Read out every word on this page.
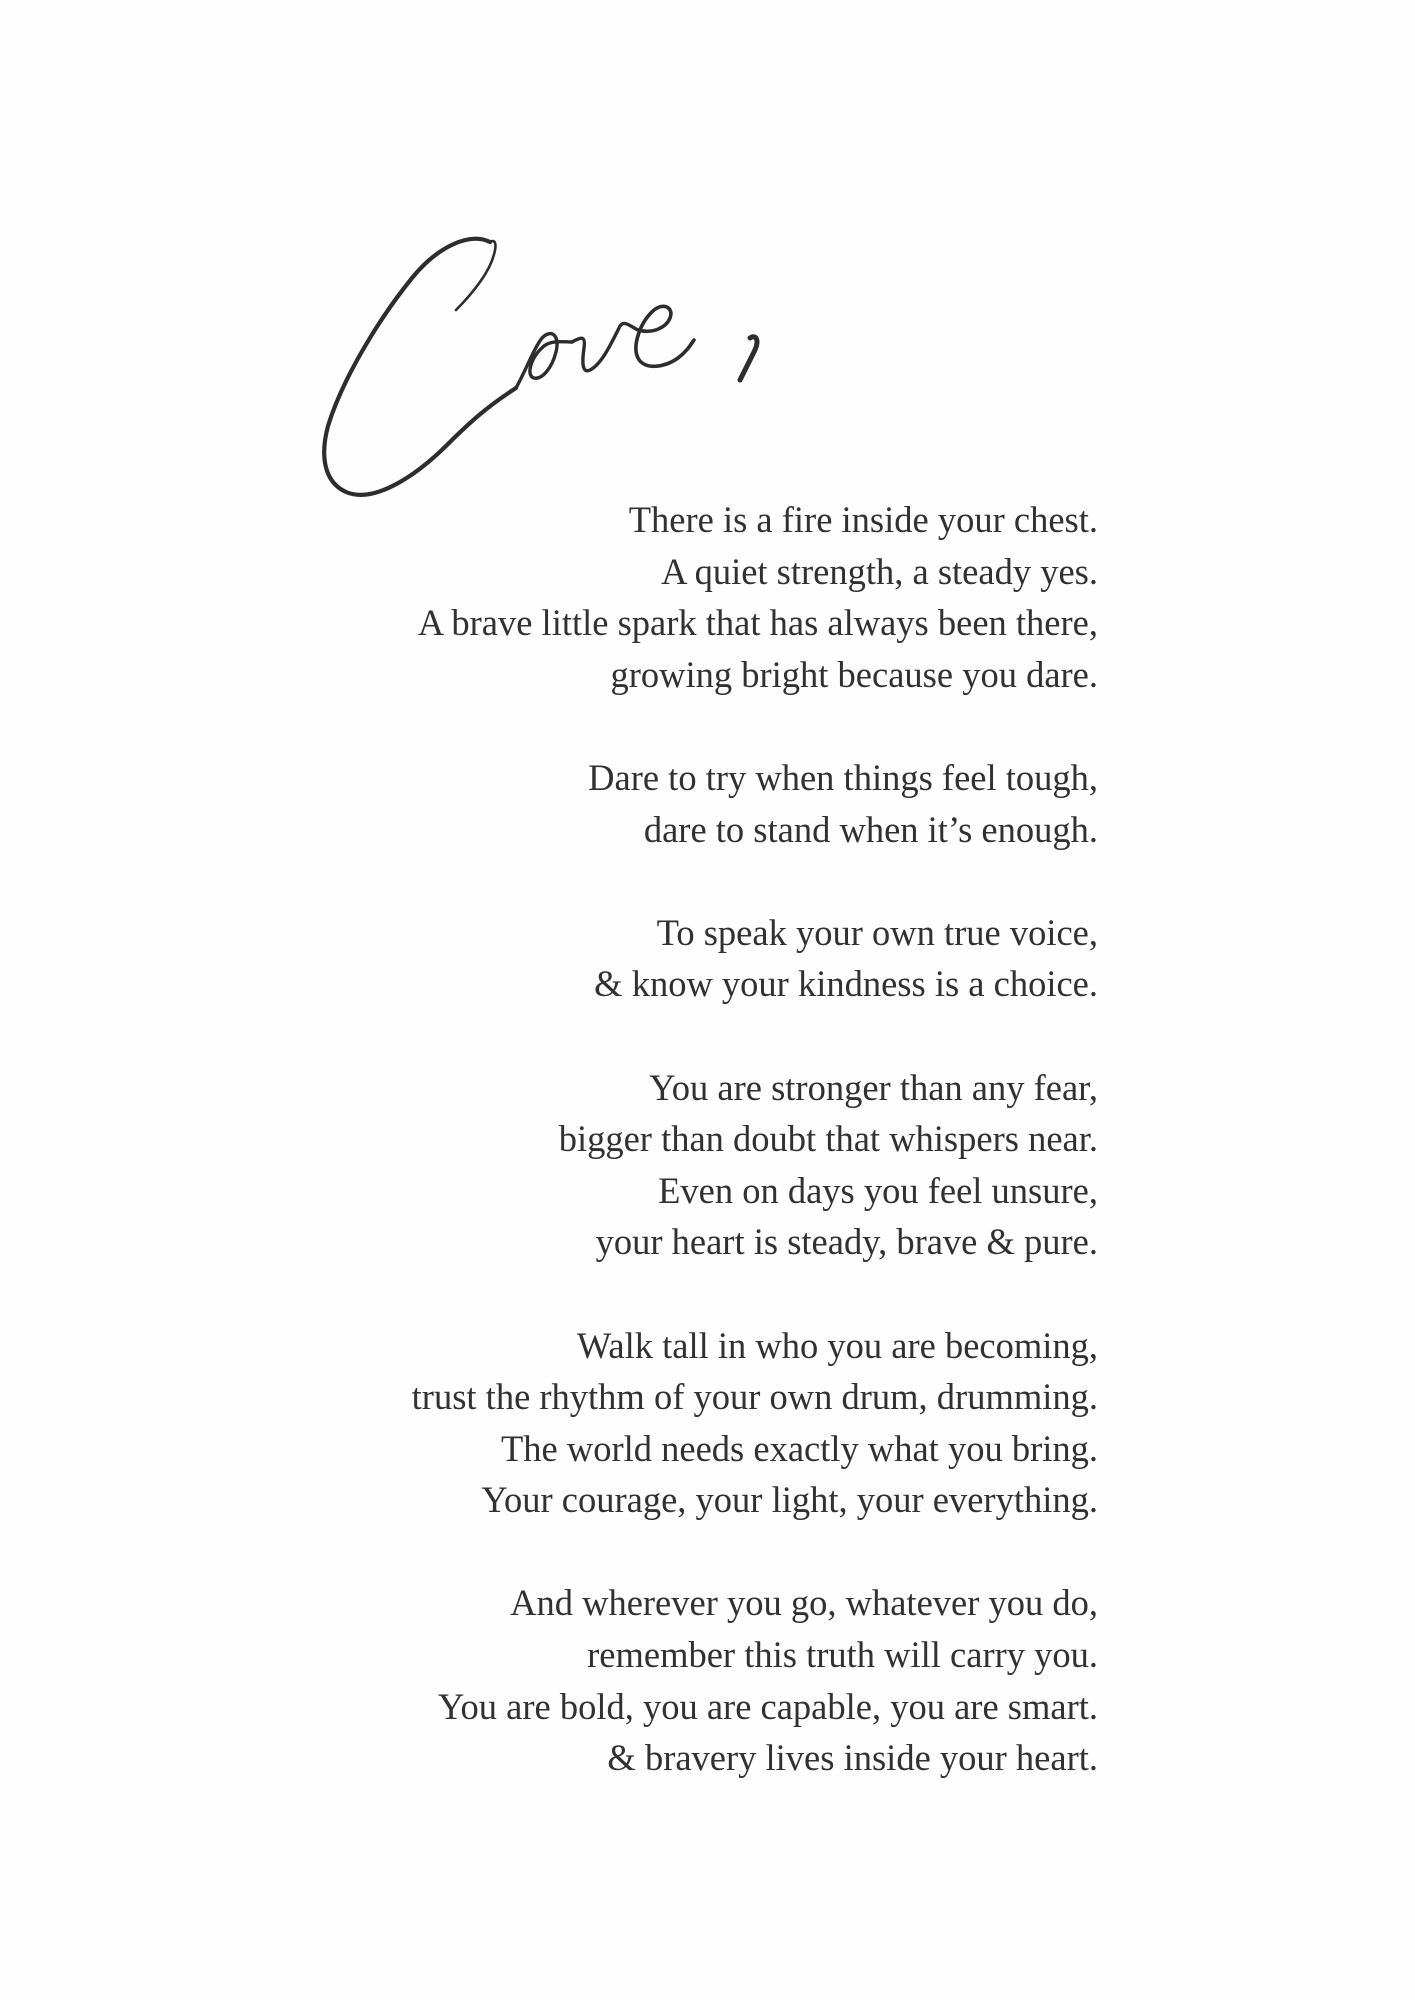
There is a fire inside your chest.
A quiet strength, a steady yes.
A brave little spark that has always been there,
growing bright because you dare.
Dare to try when things feel tough,
dare to stand when it’s enough.
To speak your own true voice,
& know your kindness is a choice.
You are stronger than any fear,
bigger than doubt that whispers near.
Even on days you feel unsure,
your heart is steady, brave & pure.
Walk tall in who you are becoming,
trust the rhythm of your own drum, drumming.
The world needs exactly what you bring.
Your courage, your light, your everything.
And wherever you go, whatever you do,
remember this truth will carry you.
You are bold, you are capable, you are smart.
& bravery lives inside your heart.
